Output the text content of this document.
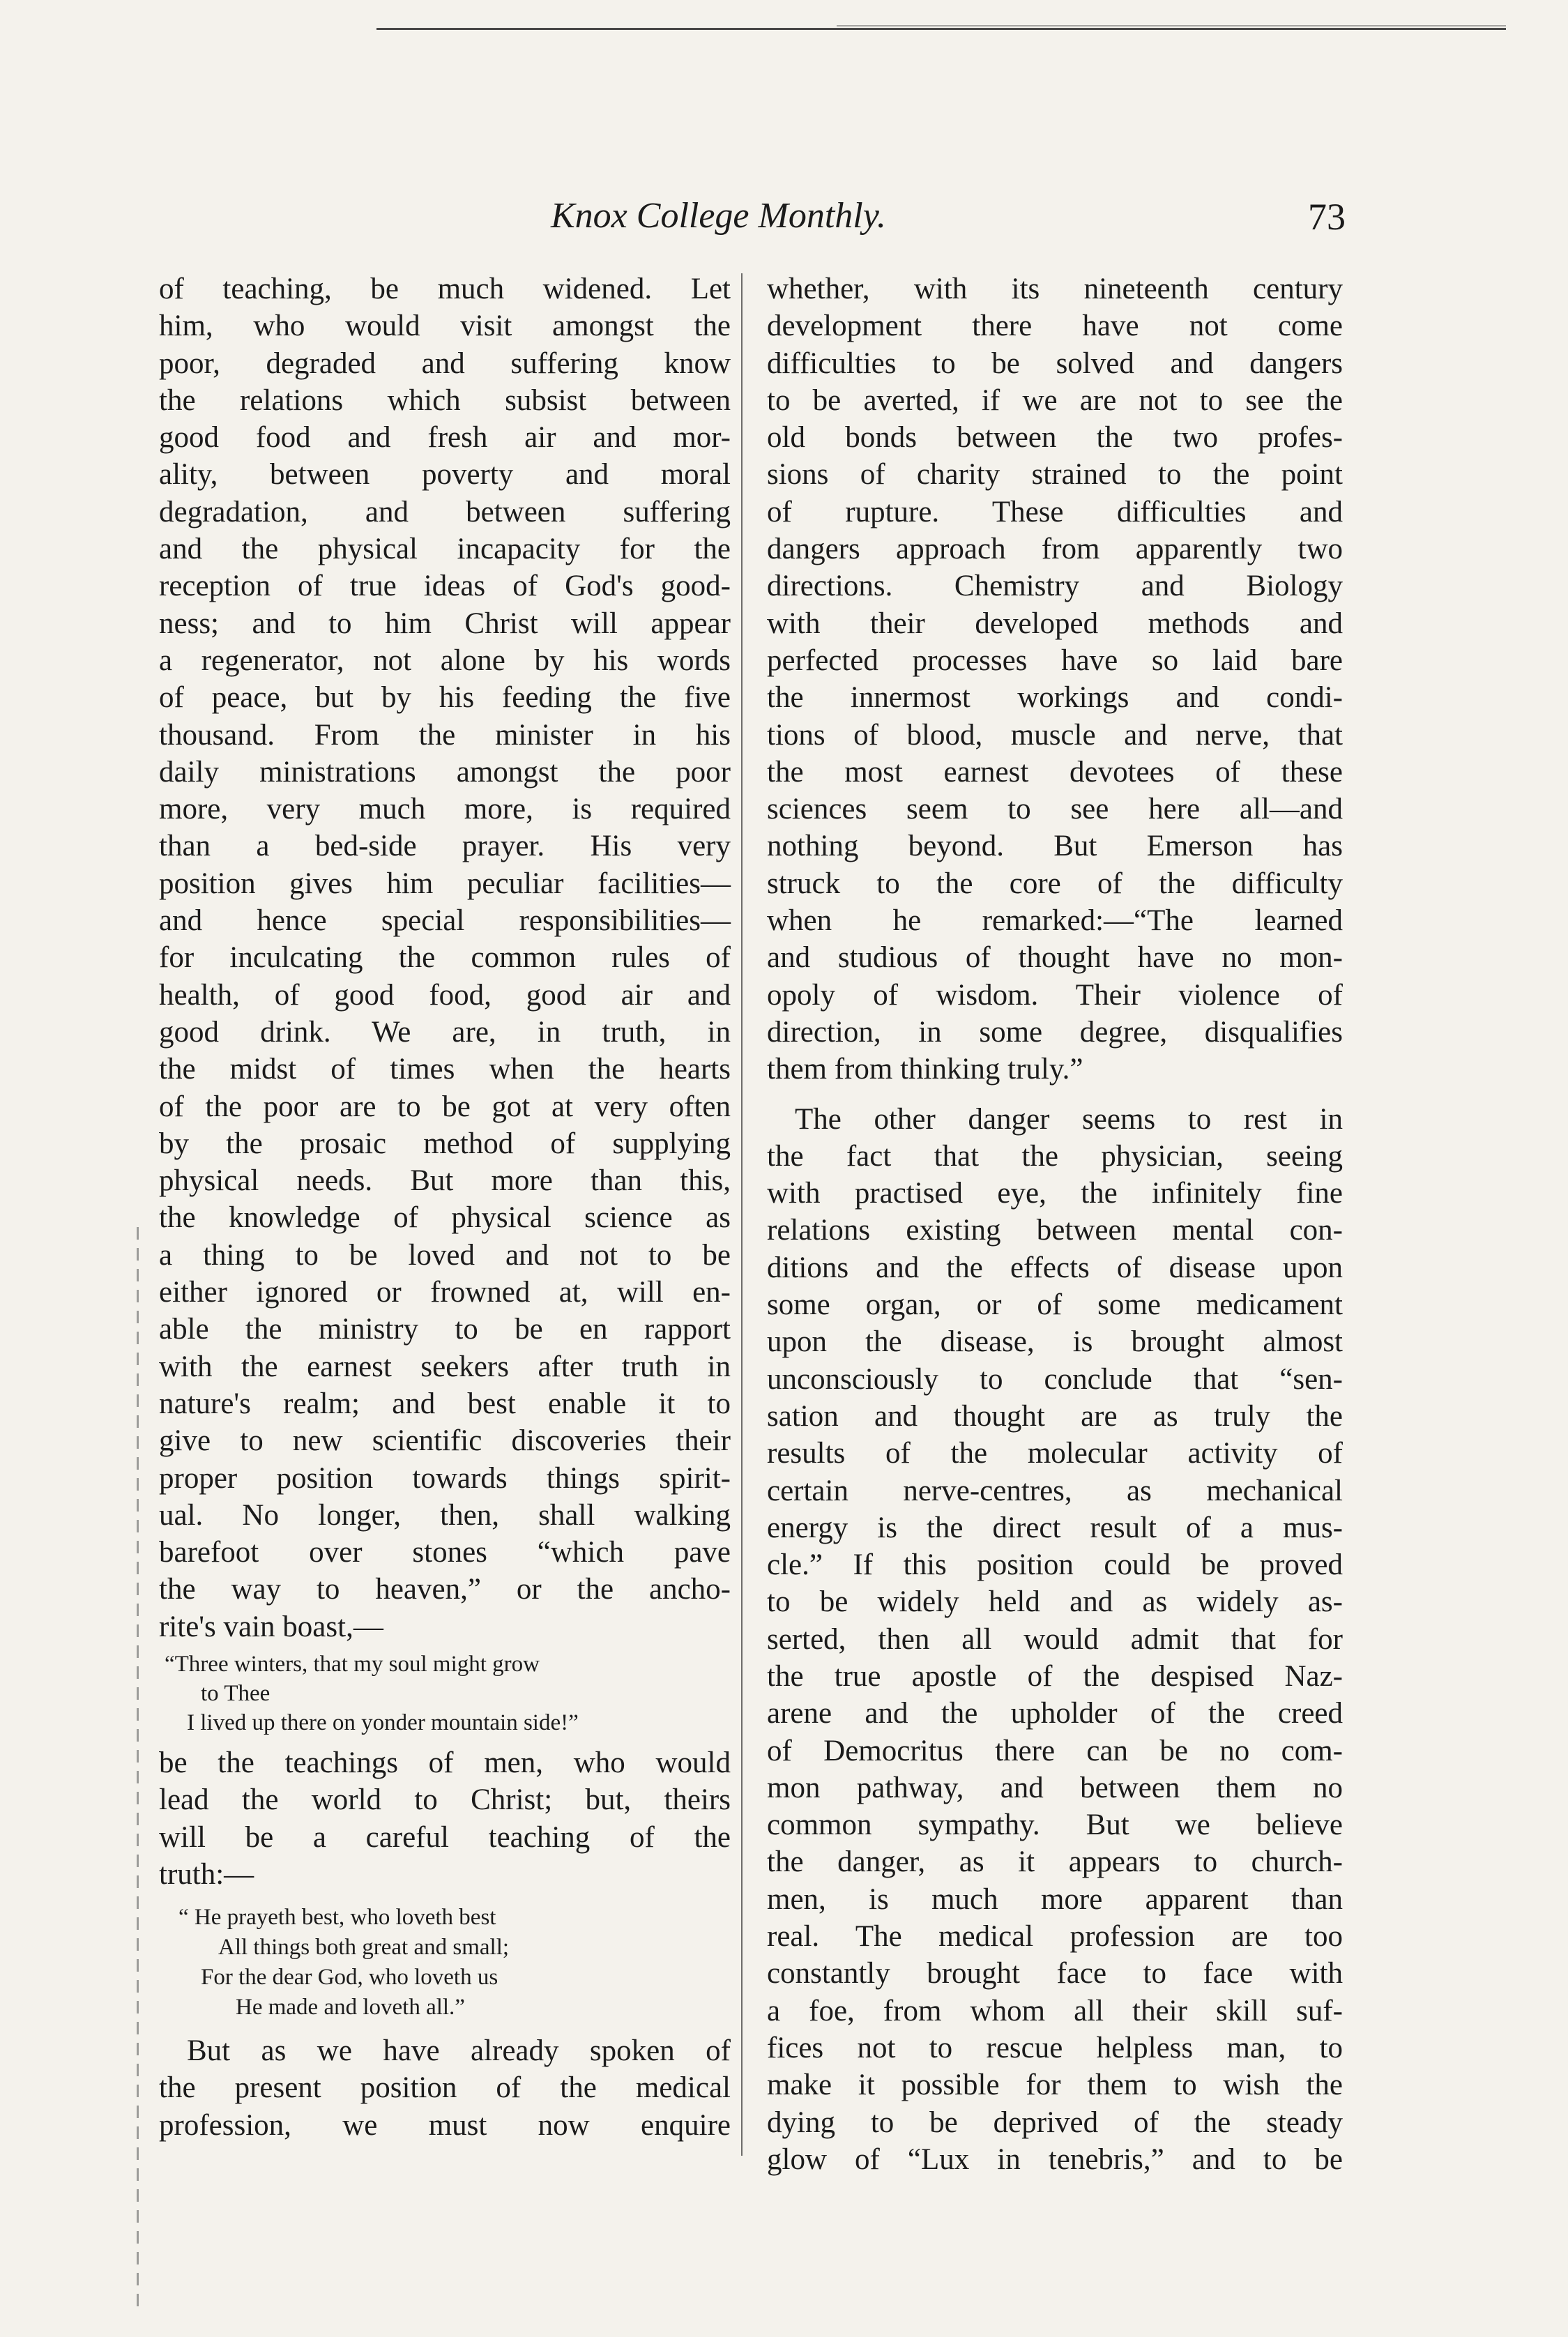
Knox College Monthly.	73
of teaching, be much widened. Let
him, who would visit amongst the
poor, degraded and suffering know
the relations which subsist between
good food and fresh air and mor-
ality, between poverty and moral
degradation, and between suffering
and the physical incapacity for the
reception of true ideas of God's good-
ness; and to him Christ will appear
a regenerator, not alone by his words
of peace, but by his feeding the five
thousand. From the minister in his
daily ministrations amongst the poor
more, very much more, is required
than a bed-side prayer. His very
position gives him peculiar facilities—
and hence special responsibilities—
for inculcating the common rules of
health, of good food, good air and
good drink. We are, in truth, in
the midst of times when the hearts
of the poor are to be got at very often
by the prosaic method of supplying
physical needs. But more than this,
the knowledge of physical science as
a thing to be loved and not to be
either ignored or frowned at, will en-
able the ministry to be en rapport
with the earnest seekers after truth in
nature's realm; and best enable it to
give to new scientific discoveries their
proper position towards things spirit-
ual. No longer, then, shall walking
barefoot over stones “which pave
the way to heaven,” or the ancho-
rite's vain boast,—
“Three winters, that my soul might grow
to Thee
I lived up there on yonder mountain side!”
be the teachings of men, who would
lead the world to Christ; but, theirs
will be a careful teaching of the
truth:—
“ He prayeth best, who loveth best
All things both great and small;
For the dear God, who loveth us
He made and loveth all.”
But as we have already spoken of
the present position of the medical
profession, we must now enquire
whether, with its nineteenth century
development there have not come
difficulties to be solved and dangers
to be averted, if we are not to see the
old bonds between the two profes-
sions of charity strained to the point
of rupture. These difficulties and
dangers approach from apparently two
directions. Chemistry and Biology
with their developed methods and
perfected processes have so laid bare
the innermost workings and condi-
tions of blood, muscle and nerve, that
the most earnest devotees of these
sciences seem to see here all—and
nothing beyond. But Emerson has
struck to the core of the difficulty
when he remarked:—“The learned
and studious of thought have no mon-
opoly of wisdom. Their violence of
direction, in some degree, disqualifies
them from thinking truly.”
The other danger seems to rest in
the fact that the physician, seeing
with practised eye, the infinitely fine
relations existing between mental con-
ditions and the effects of disease upon
some organ, or of some medicament
upon the disease, is brought almost
unconsciously to conclude that “sen-
sation and thought are as truly the
results of the molecular activity of
certain nerve-centres, as mechanical
energy is the direct result of a mus-
cle.” If this position could be proved
to be widely held and as widely as-
serted, then all would admit that for
the true apostle of the despised Naz-
arene and the upholder of the creed
of Democritus there can be no com-
mon pathway, and between them no
common sympathy. But we believe
the danger, as it appears to church-
men, is much more apparent than
real. The medical profession are too
constantly brought face to face with
a foe, from whom all their skill suf-
fices not to rescue helpless man, to
make it possible for them to wish the
dying to be deprived of the steady
glow of “Lux in tenebris,” and to be
